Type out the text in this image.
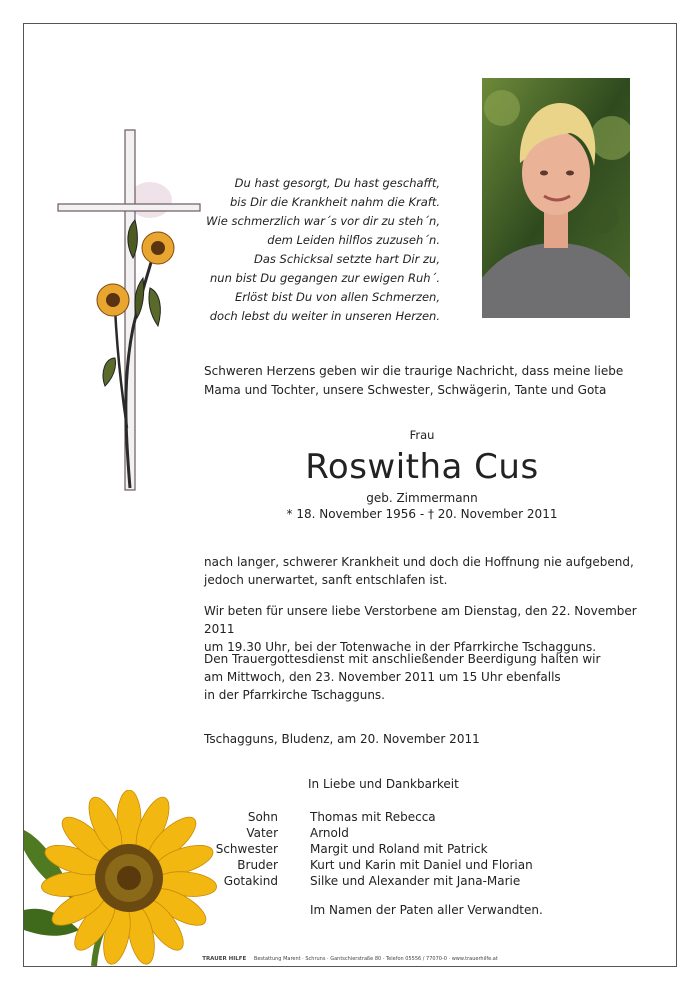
Du hast gesorgt, Du hast geschafft,
bis Dir die Krankheit nahm die Kraft.
Wie schmerzlich war´s vor dir zu steh´n,
dem Leiden hilflos zuzuseh´n.
Das Schicksal setzte hart Dir zu,
nun bist Du gegangen zur ewigen Ruh´.
Erlöst bist Du von allen Schmerzen,
doch lebst du weiter in unseren Herzen.
Schweren Herzens geben wir die traurige Nachricht, dass meine liebe Mama und Tochter, unsere Schwester, Schwägerin, Tante und Gota
Frau
Roswitha Cus
geb. Zimmermann
* 18. November 1956 - † 20. November 2011
nach langer, schwerer Krankheit und doch die Hoffnung nie aufgebend, jedoch unerwartet, sanft entschlafen ist.
Wir beten für unsere liebe Verstorbene am Dienstag, den 22. November 2011
um 19.30 Uhr, bei der Totenwache in der Pfarrkirche Tschagguns.
Den Trauergottesdienst mit anschließender Beerdigung halten wir
am Mittwoch, den 23. November 2011 um 15 Uhr ebenfalls
in der Pfarrkirche Tschagguns.
Tschagguns, Bludenz, am 20. November 2011
In Liebe und Dankbarkeit
Sohn
Vater
Schwester
Bruder
Gotakind
Thomas mit Rebecca
Arnold
Margit und Roland mit Patrick
Kurt und Karin mit Daniel und Florian
Silke und Alexander mit Jana-Marie
Im Namen der Paten aller Verwandten.
TRAUER HILFE Bestattung Marent · Schruns · Gantschierstraße 80 · Telefon 05556 / 77070-0 · www.trauerhilfe.at
